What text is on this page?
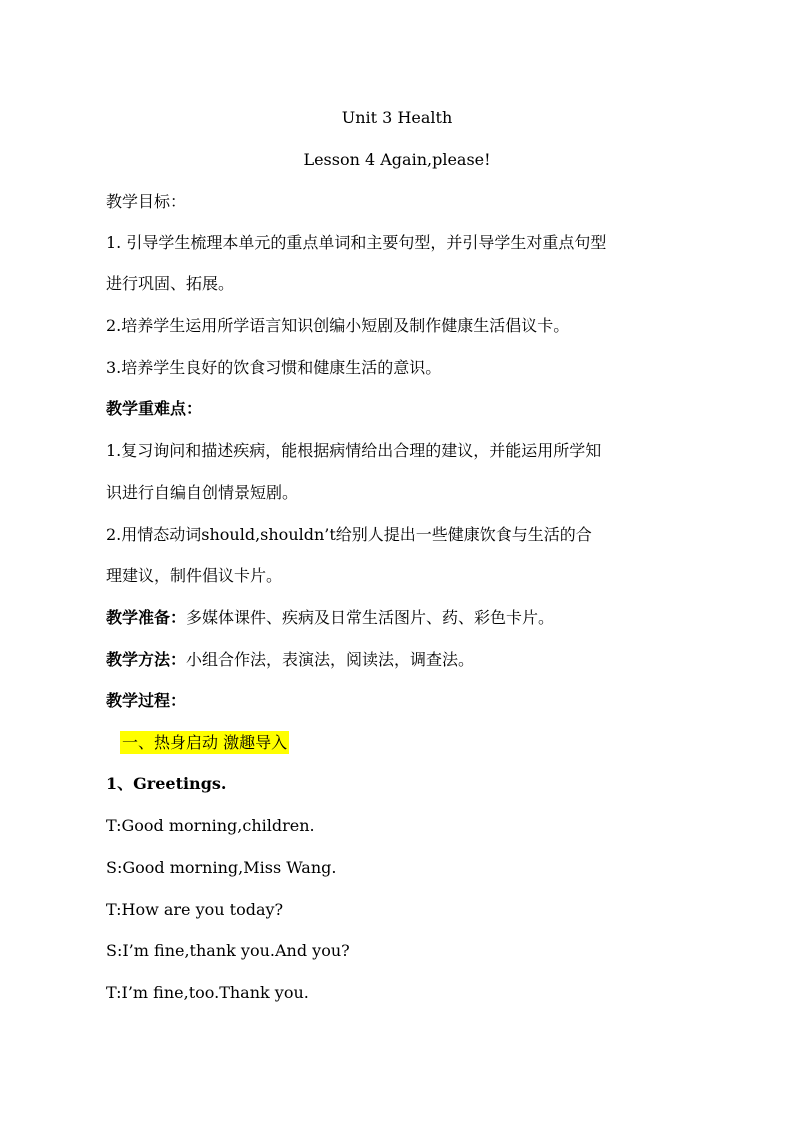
Unit 3 Health
Lesson 4 Again,please!
教学目标：
1. 引导学生梳理本单元的重点单词和主要句型，并引导学生对重点句型
进行巩固、拓展。
2.培养学生运用所学语言知识创编小短剧及制作健康生活倡议卡。
3.培养学生良好的饮食习惯和健康生活的意识。
教学重难点：
1.复习询问和描述疾病，能根据病情给出合理的建议，并能运用所学知
识进行自编自创情景短剧。
2.用情态动词should,shouldn’t给别人提出一些健康饮食与生活的合
理建议，制件倡议卡片。
教学准备：多媒体课件、疾病及日常生活图片、药、彩色卡片。
教学方法：小组合作法，表演法，阅读法，调查法。
教学过程：
一、热身启动 激趣导入
1、Greetings.
T:Good morning,children.
S:Good morning,Miss Wang.
T:How are you today?
S:I’m fine,thank you.And you?
T:I’m fine,too.Thank you.
